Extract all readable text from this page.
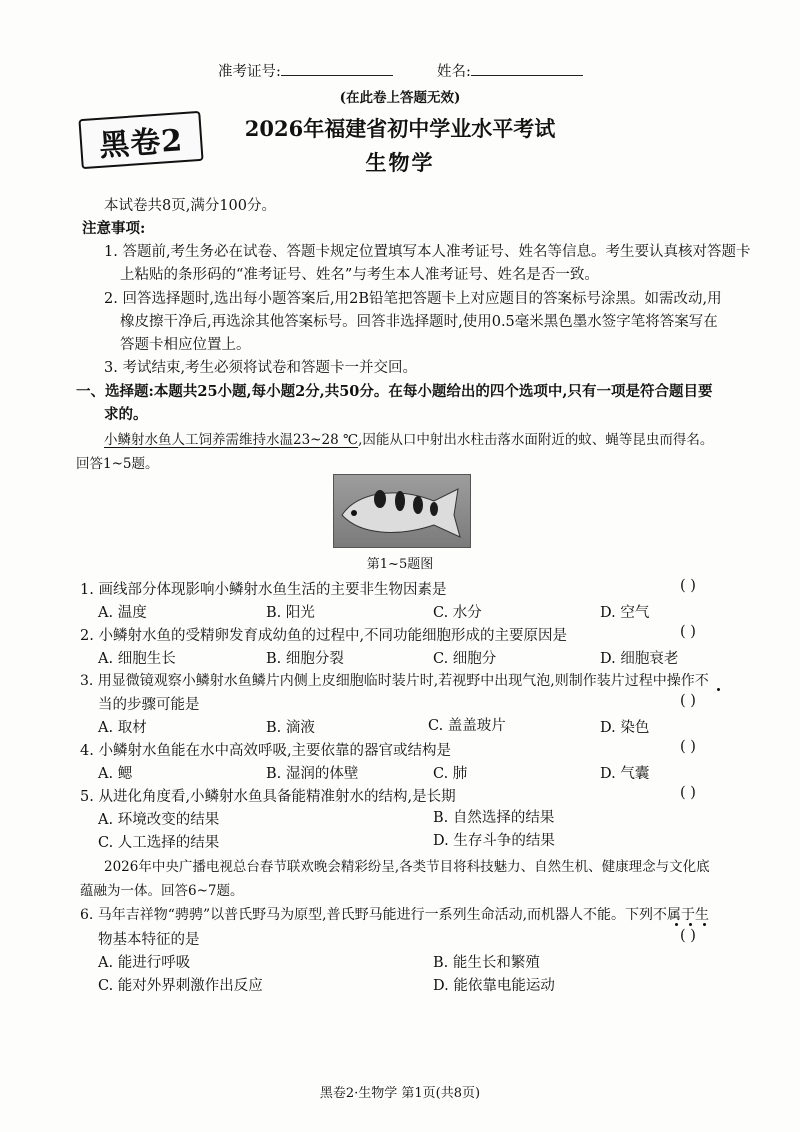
准考证号:	姓名:
(在此卷上答题无效)
黑卷2	2026年福建省初中学业水平考试
生物学
本试卷共8页,满分100分。
注意事项:
1. 答题前,考生务必在试卷、答题卡规定位置填写本人准考证号、姓名等信息。考生要认真核对答题卡
上粘贴的条形码的“准考证号、姓名”与考生本人准考证号、姓名是否一致。
2. 回答选择题时,选出每小题答案后,用2B铅笔把答题卡上对应题目的答案标号涂黑。如需改动,用
橡皮擦干净后,再选涂其他答案标号。回答非选择题时,使用0.5毫米黑色墨水签字笔将答案写在
答题卡相应位置上。
3. 考试结束,考生必须将试卷和答题卡一并交回。
一、选择题:本题共25小题,每小题2分,共50分。在每小题给出的四个选项中,只有一项是符合题目要
求的。
小鳞射水鱼人工饲养需维持水温23~28 ℃,因能从口中射出水柱击落水面附近的蚊、蝇等昆虫而得名。
回答1~5题。
第1~5题图
1. 画线部分体现影响小鳞射水鱼生活的主要非生物因素是	( )
A. 温度	B. 阳光	C. 水分	D. 空气
2. 小鳞射水鱼的受精卵发育成幼鱼的过程中,不同功能细胞形成的主要原因是	( )
A. 细胞生长	B. 细胞分裂	C. 细胞分	D. 细胞衰老
3. 用显微镜观察小鳞射水鱼鳞片内侧上皮细胞临时装片时,若视野中出现气泡,则制作装片过程中操作不
当的步骤可能是	( )
A. 取材	B. 滴液	C. 盖盖玻片	D. 染色
4. 小鳞射水鱼能在水中高效呼吸,主要依靠的器官或结构是	( )
A. 鳃	B. 湿润的体壁	C. 肺	D. 气囊
5. 从进化角度看,小鳞射水鱼具备能精准射水的结构,是长期	( )
A. 环境改变的结果	B. 自然选择的结果
C. 人工选择的结果	D. 生存斗争的结果
2026年中央广播电视总台春节联欢晚会精彩纷呈,各类节目将科技魅力、自然生机、健康理念与文化底
蕴融为一体。回答6~7题。
6. 马年吉祥物“骋骋”以普氏野马为原型,普氏野马能进行一系列生命活动,而机器人不能。下列不属于生
物基本特征的是	( )
A. 能进行呼吸	B. 能生长和繁殖
C. 能对外界刺激作出反应	D. 能依靠电能运动
黑卷2·生物学 第1页(共8页)
